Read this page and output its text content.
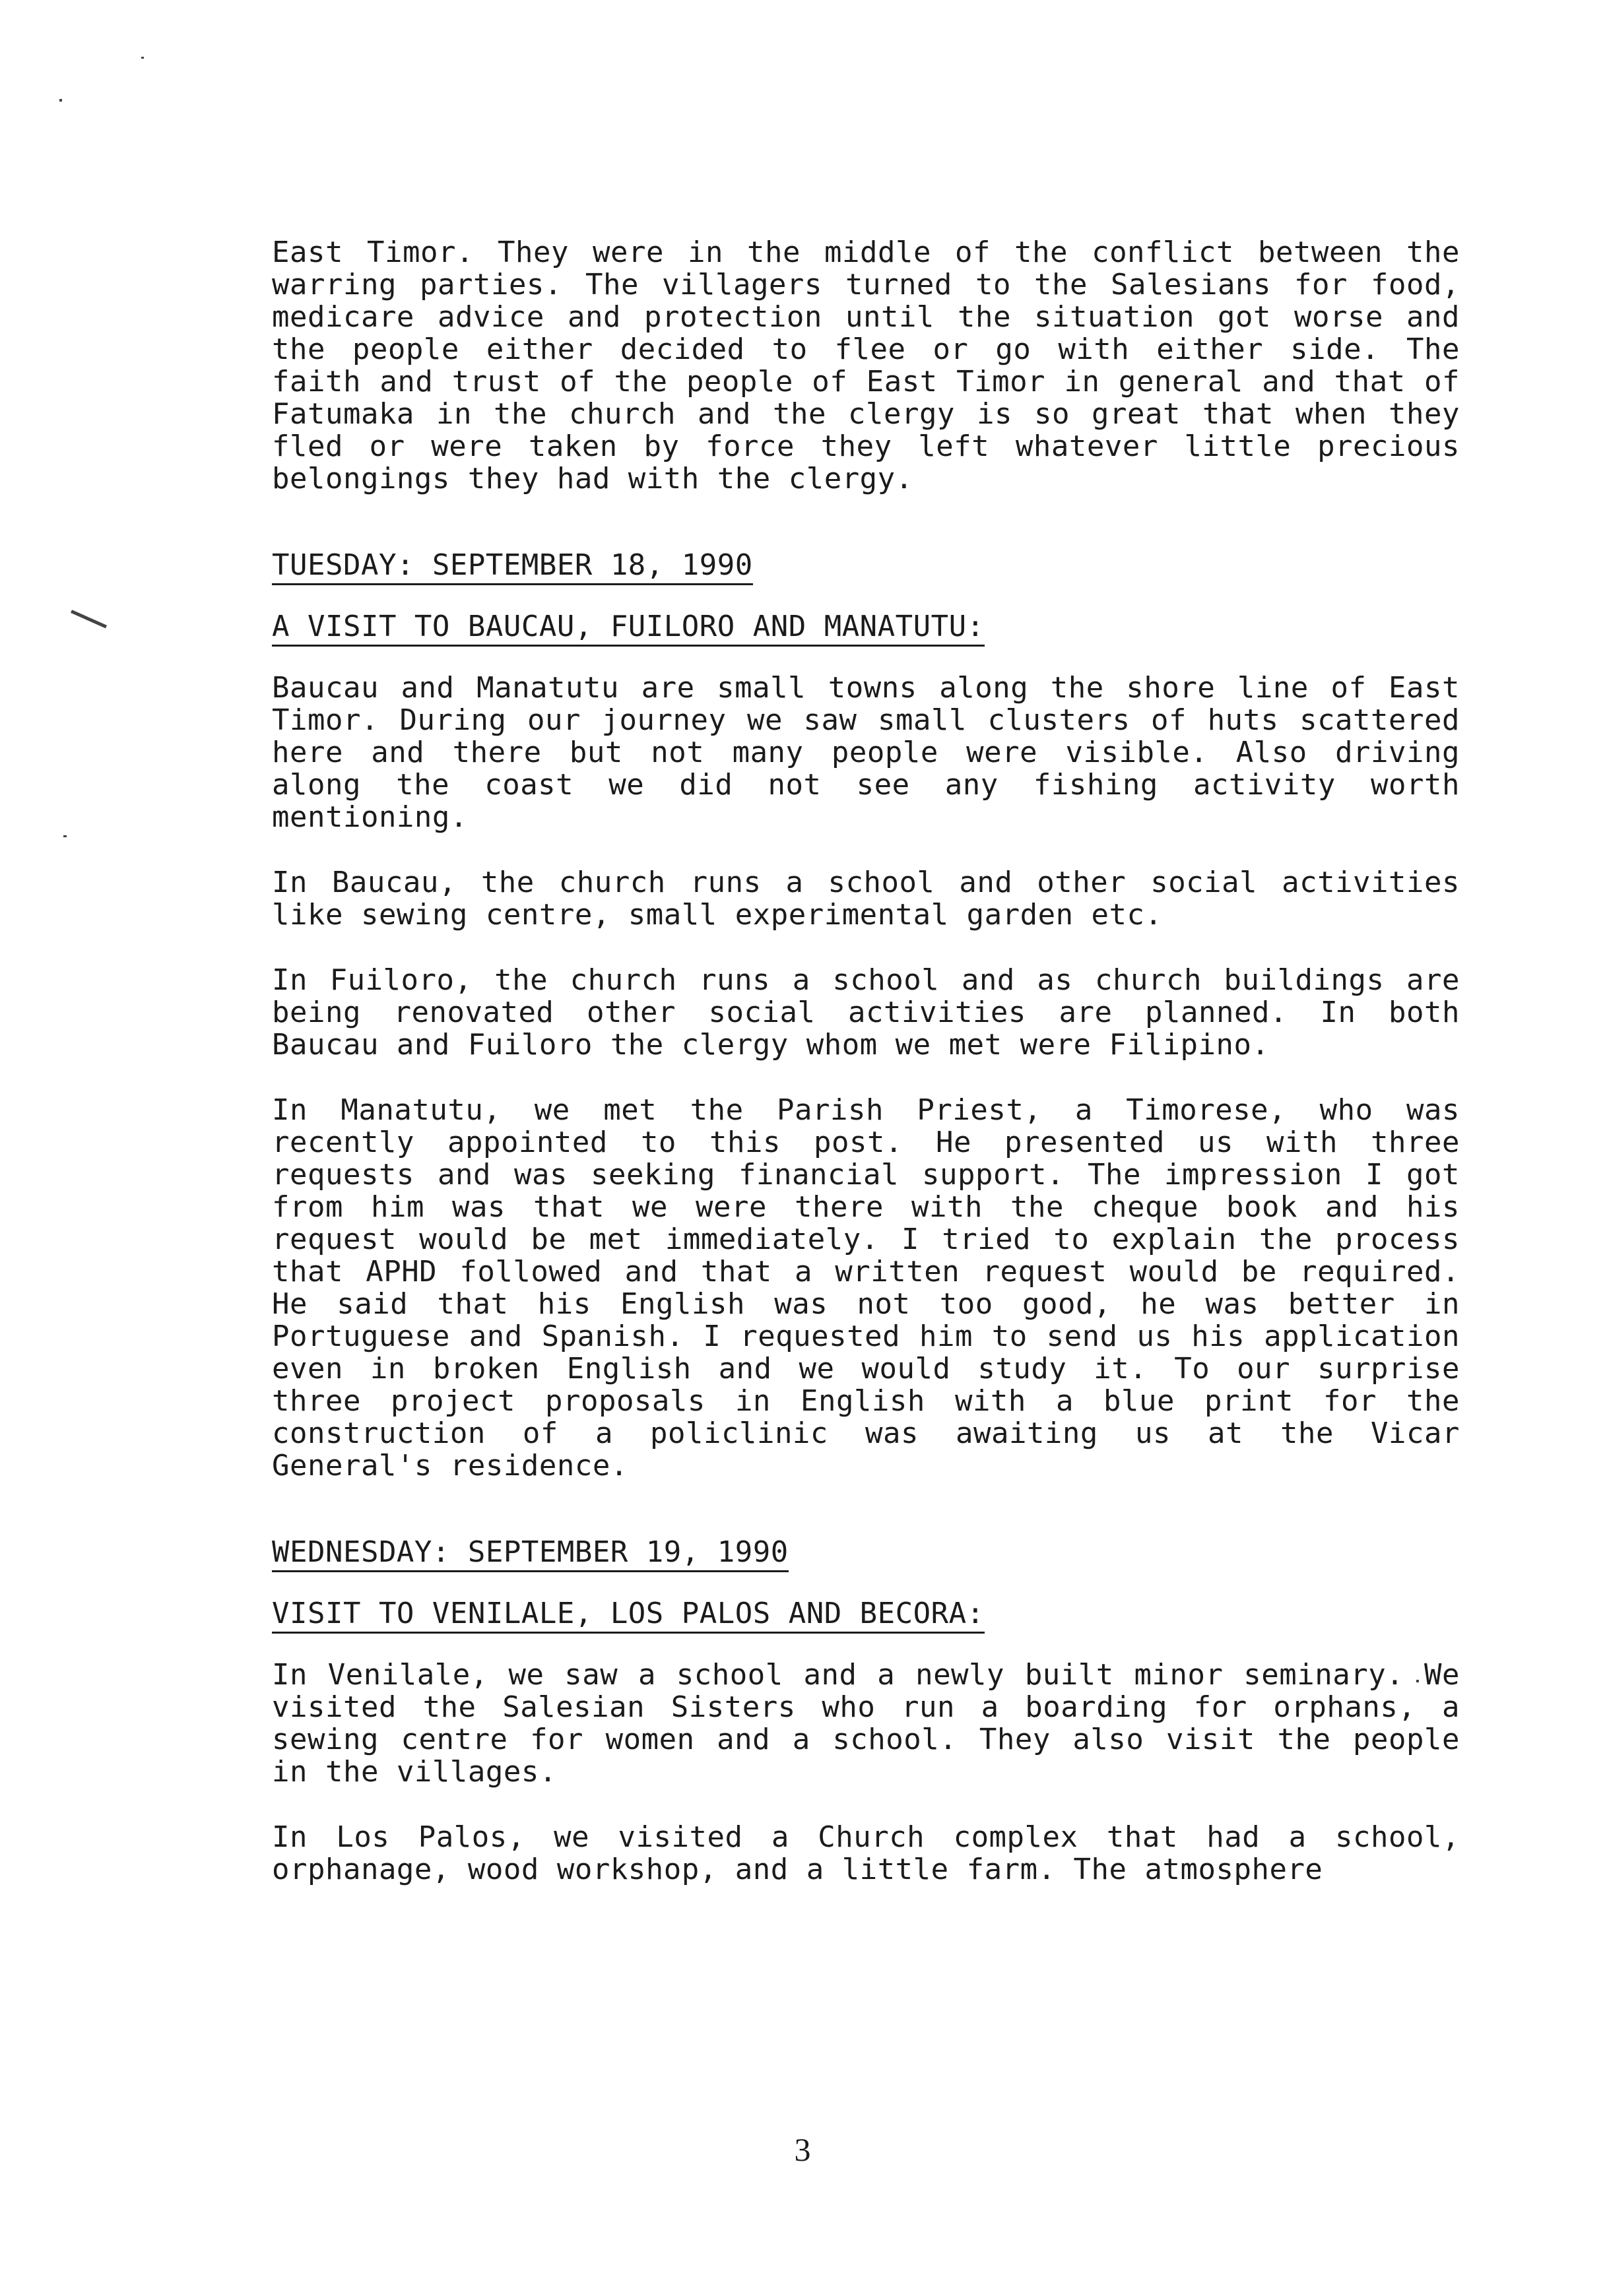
East Timor. They were in the middle of the conflict between the warring parties. The villagers turned to the Salesians for food, medicare advice and protection until the situation got worse and the people either decided to flee or go with either side. The faith and trust of the people of East Timor in general and that of Fatumaka in the church and the clergy is so great that when they fled or were taken by force they left whatever little precious belongings they had with the clergy.

TUESDAY: SEPTEMBER 18, 1990
A VISIT TO BAUCAU, FUILORO AND MANATUTU:

Baucau and Manatutu are small towns along the shore line of East Timor. During our journey we saw small clusters of huts scattered here and there but not many people were visible. Also driving along the coast we did not see any fishing activity worth mentioning.

In Baucau, the church runs a school and other social activities like sewing centre, small experimental garden etc.

In Fuiloro, the church runs a school and as church buildings are being renovated other social activities are planned. In both Baucau and Fuiloro the clergy whom we met were Filipino.

In Manatutu, we met the Parish Priest, a Timorese, who was recently appointed to this post. He presented us with three requests and was seeking financial support. The impression I got from him was that we were there with the cheque book and his request would be met immediately. I tried to explain the process that APHD followed and that a written request would be required. He said that his English was not too good, he was better in Portuguese and Spanish. I requested him to send us his application even in broken English and we would study it. To our surprise three project proposals in English with a blue print for the construction of a policlinic was awaiting us at the Vicar General's residence.

WEDNESDAY: SEPTEMBER 19, 1990
VISIT TO VENILALE, LOS PALOS AND BECORA:

In Venilale, we saw a school and a newly built minor seminary. We visited the Salesian Sisters who run a boarding for orphans, a sewing centre for women and a school. They also visit the people in the villages.

In Los Palos, we visited a Church complex that had a school, orphanage, wood workshop, and a little farm. The atmosphere

3
